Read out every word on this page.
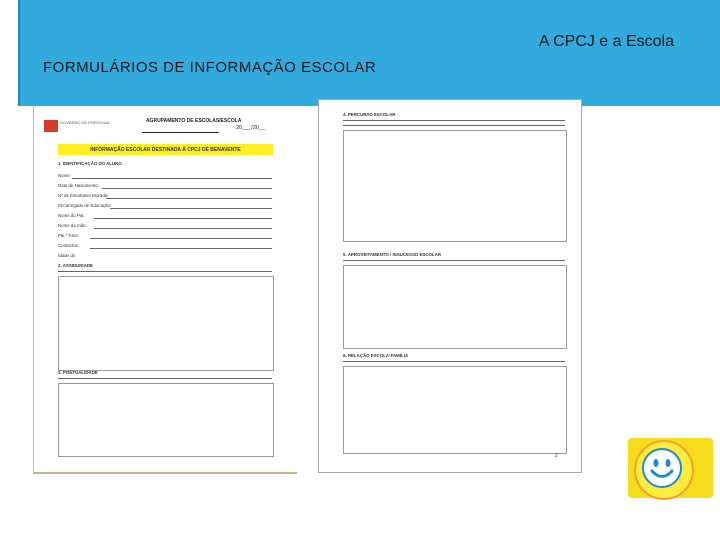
A CPCJ e a Escola
FORMULÁRIOS DE INFORMAÇÃO ESCOLAR
GOVERNO DE PORTUGAL	AGRUPAMENTO DE ESCOLAS/ESCOLA
20___/20__
INFORMAÇÃO ESCOLAR DESTINADA À CPCJ DE BENAVENTE
1. IDENTIFICAÇÃO DO ALUNO
Nome:
Data de Nascimento:
Nº de Estudante/ Morada:
Encarregado de Educação:
Nome do Pai:
Nome da mãe:
Pai / Tutor:
Contactos:
Idade do
2. ASSIDUIDADE
3. PONTUALIDADE
4. PERCURSO ESCOLAR
5. APROVEITAMENTO / INSUCESSO ESCOLAR
6. RELAÇÃO ESCOLA-FAMÍLIA
2
